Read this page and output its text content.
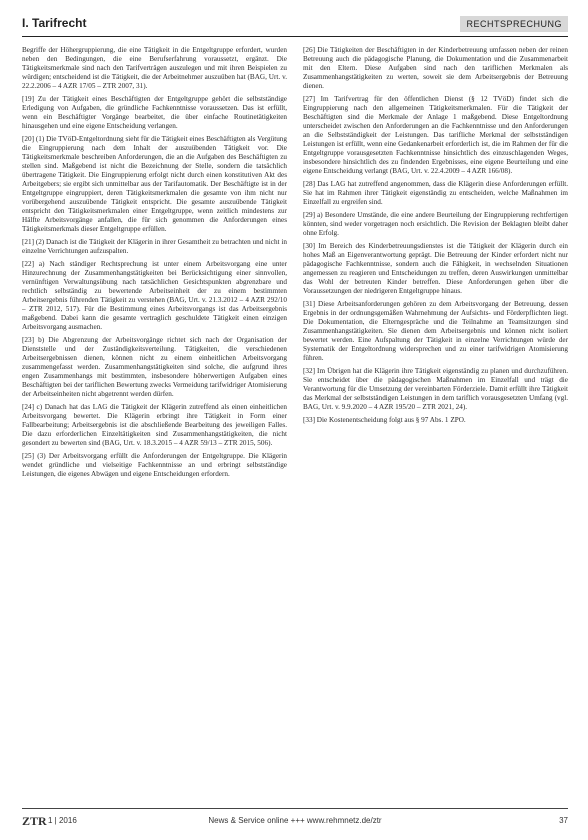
I. Tarifrecht	RECHTSPRECHUNG

Begriffe der Höhergruppierung, die eine Tätigkeit in die Entgeltgruppe erfordert, wurden neben den Bedingungen, die eine Berufserfahrung voraussetzt, ergänzt. Die Tätigkeitsmerkmale sind nach den Tarifverträgen auszulegen und mit ihren Beispielen zu würdigen; entscheidend ist die Tätigkeit, die der Arbeitnehmer auszuüben hat (BAG, Urt. v. 22.2.2006 – 4 AZR 17/05 – ZTR 2007, 31).

[19] Zu der Tätigkeit eines Beschäftigten der Entgeltgruppe gehört die selbstständige Erledigung von Aufgaben, die gründliche Fachkenntnisse voraussetzen. Das ist erfüllt, wenn ein Beschäftigter Vorgänge bearbeitet, die über einfache Routinetätigkeiten hinausgehen und eine eigene Entscheidung verlangen.

[20] (1) Die TVöD-Entgeltordnung sieht für die Tätigkeit eines Beschäftigten als Vergütung die Eingruppierung nach dem Inhalt der auszuübenden Tätigkeit vor. Die Tätigkeitsmerkmale beschreiben Anforderungen, die an die Aufgaben des Beschäftigten zu stellen sind. Maßgebend ist nicht die Bezeichnung der Stelle, sondern die tatsächlich übertragene Tätigkeit. Die Eingruppierung erfolgt nicht durch einen konstitutiven Akt des Arbeitgebers; sie ergibt sich unmittelbar aus der Tarifautomatik. Der Beschäftigte ist in der Entgeltgruppe eingruppiert, deren Tätigkeitsmerkmalen die gesamte von ihm nicht nur vorübergehend auszuübende Tätigkeit entspricht. Die gesamte auszuübende Tätigkeit entspricht den Tätigkeitsmerkmalen einer Entgeltgruppe, wenn zeitlich mindestens zur Hälfte Arbeitsvorgänge anfallen, die für sich genommen die Anforderungen eines Tätigkeitsmerkmals dieser Entgeltgruppe erfüllen.

[21] (2) Danach ist die Tätigkeit der Klägerin in ihrer Gesamtheit zu betrachten und nicht in einzelne Verrichtungen aufzuspalten.

[22] a) Nach ständiger Rechtsprechung ist unter einem Arbeitsvorgang eine unter Hinzurechnung der Zusammenhangstätigkeiten bei Berücksichtigung einer sinnvollen, vernünftigen Verwaltungsübung nach tatsächlichen Gesichtspunkten abgrenzbare und rechtlich selbständig zu bewertende Arbeitseinheit der zu einem bestimmten Arbeitsergebnis führenden Tätigkeit zu verstehen (BAG, Urt. v. 21.3.2012 – 4 AZR 292/10 – ZTR 2012, 517). Für die Bestimmung eines Arbeitsvorgangs ist das Arbeitsergebnis maßgebend. Dabei kann die gesamte vertraglich geschuldete Tätigkeit einen einzigen Arbeitsvorgang ausmachen.

[23] b) Die Abgrenzung der Arbeitsvorgänge richtet sich nach der Organisation der Dienststelle und der Zuständigkeitsverteilung. Tätigkeiten, die verschiedenen Arbeitsergebnissen dienen, können nicht zu einem einheitlichen Arbeitsvorgang zusammengefasst werden. Zusammenhangstätigkeiten sind solche, die aufgrund ihres engen Zusammenhangs mit bestimmten, insbesondere höherwertigen Aufgaben eines Beschäftigten bei der tariflichen Bewertung zwecks Vermeidung tarifwidriger Atomisierung der Arbeitseinheiten nicht abgetrennt werden dürfen.

[24] c) Danach hat das LAG die Tätigkeit der Klägerin zutreffend als einen einheitlichen Arbeitsvorgang bewertet. Die Klägerin erbringt ihre Tätigkeit in Form einer Fallbearbeitung; Arbeitsergebnis ist die abschließende Bearbeitung des jeweiligen Falles. Die dazu erforderlichen Einzeltätigkeiten sind Zusammenhangstätigkeiten, die nicht gesondert zu bewerten sind (BAG, Urt. v. 18.3.2015 – 4 AZR 59/13 – ZTR 2015, 506).

[25] (3) Der Arbeitsvorgang erfüllt die Anforderungen der Entgeltgruppe. Die Klägerin wendet gründliche und vielseitige Fachkenntnisse an und erbringt selbstständige Leistungen, die eigenes Abwägen und eigene Entscheidungen erfordern.

[26] Die Tätigkeiten der Beschäftigten in der Kinderbetreuung umfassen neben der reinen Betreuung auch die pädagogische Planung, die Dokumentation und die Zusammenarbeit mit den Eltern. Diese Aufgaben sind nach den tariflichen Merkmalen als Zusammenhangstätigkeiten zu werten, soweit sie dem Arbeitsergebnis der Betreuung dienen.

[27] Im Tarifvertrag für den öffentlichen Dienst (§ 12 TVöD) findet sich die Eingruppierung nach den allgemeinen Tätigkeitsmerkmalen. Für die Tätigkeit der Beschäftigten sind die Merkmale der Anlage 1 maßgebend. Diese Entgeltordnung unterscheidet zwischen den Anforderungen an die Fachkenntnisse und den Anforderungen an die Selbstständigkeit der Leistungen. Das tarifliche Merkmal der selbstständigen Leistungen ist erfüllt, wenn eine Gedankenarbeit erforderlich ist, die im Rahmen der für die Entgeltgruppe vorausgesetzten Fachkenntnisse hinsichtlich des einzuschlagenden Weges, insbesondere hinsichtlich des zu findenden Ergebnisses, eine eigene Beurteilung und eine eigene Entscheidung verlangt (BAG, Urt. v. 22.4.2009 – 4 AZR 166/08).

[28] Das LAG hat zutreffend angenommen, dass die Klägerin diese Anforderungen erfüllt. Sie hat im Rahmen ihrer Tätigkeit eigenständig zu entscheiden, welche Maßnahmen im Einzelfall zu ergreifen sind.

[29] a) Besondere Umstände, die eine andere Beurteilung der Eingruppierung rechtfertigen könnten, sind weder vorgetragen noch ersichtlich. Die Revision der Beklagten bleibt daher ohne Erfolg.

[30] Im Bereich des Kinderbetreuungsdienstes ist die Tätigkeit der Klägerin durch ein hohes Maß an Eigenverantwortung geprägt. Die Betreuung der Kinder erfordert nicht nur pädagogische Fachkenntnisse, sondern auch die Fähigkeit, in wechselnden Situationen angemessen zu reagieren und Entscheidungen zu treffen, deren Auswirkungen unmittelbar das Wohl der betreuten Kinder betreffen. Diese Anforderungen gehen über die Voraussetzungen der niedrigeren Entgeltgruppe hinaus.

[31] Diese Arbeitsanforderungen gehören zu dem Arbeitsvorgang der Betreuung, dessen Ergebnis in der ordnungsgemäßen Wahrnehmung der Aufsichts- und Förderpflichten liegt. Die Dokumentation, die Elterngespräche und die Teilnahme an Teamsitzungen sind Zusammenhangstätigkeiten. Sie dienen dem Arbeitsergebnis und können nicht isoliert bewertet werden. Eine Aufspaltung der Tätigkeit in einzelne Verrichtungen würde der Systematik der Entgeltordnung widersprechen und zu einer tarifwidrigen Atomisierung führen.

[32] Im Übrigen hat die Klägerin ihre Tätigkeit eigenständig zu planen und durchzuführen. Sie entscheidet über die pädagogischen Maßnahmen im Einzelfall und trägt die Verantwortung für die Umsetzung der vereinbarten Förderziele. Damit erfüllt ihre Tätigkeit das Merkmal der selbstständigen Leistungen in dem tariflich vorausgesetzten Umfang (vgl. BAG, Urt. v. 9.9.2020 – 4 AZR 195/20 – ZTR 2021, 24).

[33] Die Kostenentscheidung folgt aus § 97 Abs. 1 ZPO.

ZTR 1 | 2016	News & Service online +++ www.rehmnetz.de/ztr	37
